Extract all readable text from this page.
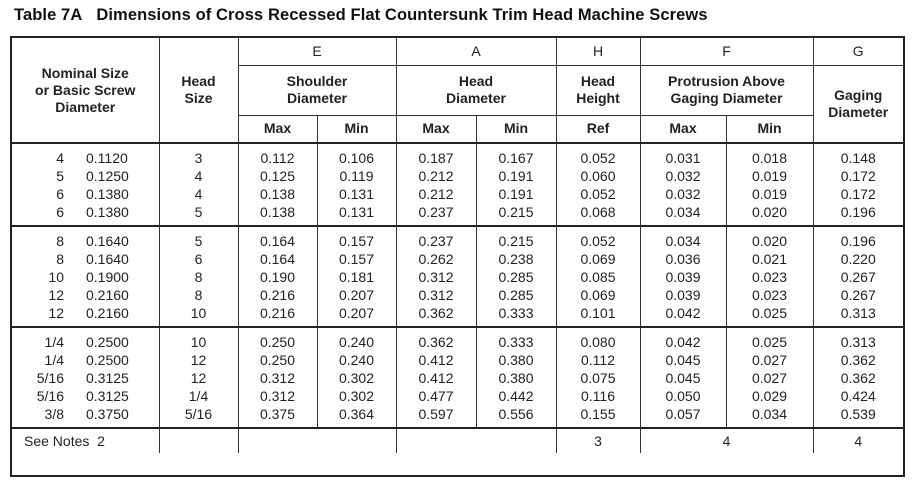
Table 7A Dimensions of Cross Recessed Flat Countersunk Trim Head Machine Screws
Nominal Size or Basic Screw Diameter		Head Size	E		A		H	F		G
			Shoulder Diameter		Head Diameter		Head Height	Protrusion Above Gaging Diameter		Gaging Diameter
			Max	Min	Max	Min	Ref	Max	Min	
4	0.1120	3	0.112	0.106	0.187	0.167	0.052	0.031	0.018	0.148
5	0.1250	4	0.125	0.119	0.212	0.191	0.060	0.032	0.019	0.172
6	0.1380	4	0.138	0.131	0.212	0.191	0.052	0.032	0.019	0.172
6	0.1380	5	0.138	0.131	0.237	0.215	0.068	0.034	0.020	0.196
8	0.1640	5	0.164	0.157	0.237	0.215	0.052	0.034	0.020	0.196
8	0.1640	6	0.164	0.157	0.262	0.238	0.069	0.036	0.021	0.220
10	0.1900	8	0.190	0.181	0.312	0.285	0.085	0.039	0.023	0.267
12	0.2160	8	0.216	0.207	0.312	0.285	0.069	0.039	0.023	0.267
12	0.2160	10	0.216	0.207	0.362	0.333	0.101	0.042	0.025	0.313
1/4	0.2500	10	0.250	0.240	0.362	0.333	0.080	0.042	0.025	0.313
1/4	0.2500	12	0.250	0.240	0.412	0.380	0.112	0.045	0.027	0.362
5/16	0.3125	12	0.312	0.302	0.412	0.380	0.075	0.045	0.027	0.362
5/16	0.3125	1/4	0.312	0.302	0.477	0.442	0.116	0.050	0.029	0.424
3/8	0.3750	5/16	0.375	0.364	0.597	0.556	0.155	0.057	0.034	0.539
See Notes 2							3	4		4
